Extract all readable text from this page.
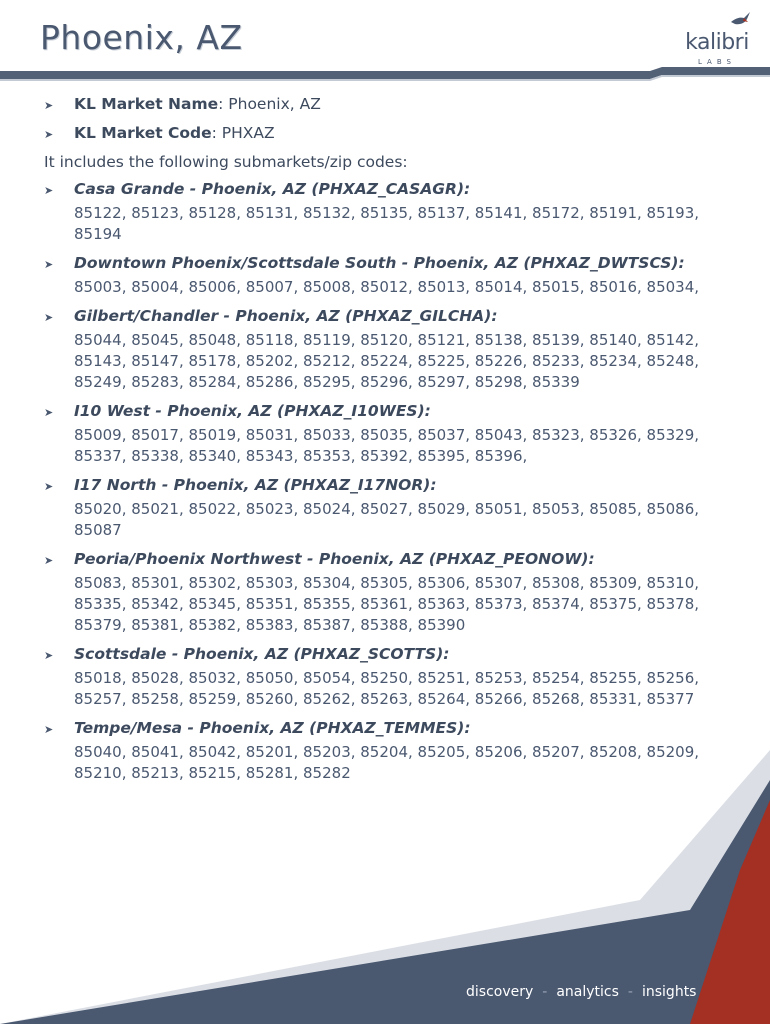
Phoenix, AZ	kalibri
LABS
➤	KL Market Name: Phoenix, AZ
➤	KL Market Code: PHXAZ

It includes the following submarkets/zip codes:

➤	Casa Grande - Phoenix, AZ (PHXAZ_CASAGR):
85122, 85123, 85128, 85131, 85132, 85135, 85137, 85141, 85172, 85191, 85193, 85194
➤	Downtown Phoenix/Scottsdale South - Phoenix, AZ (PHXAZ_DWTSCS):
85003, 85004, 85006, 85007, 85008, 85012, 85013, 85014, 85015, 85016, 85034,
➤	Gilbert/Chandler - Phoenix, AZ (PHXAZ_GILCHA):
85044, 85045, 85048, 85118, 85119, 85120, 85121, 85138, 85139, 85140, 85142, 85143, 85147, 85178, 85202, 85212, 85224, 85225, 85226, 85233, 85234, 85248, 85249, 85283, 85284, 85286, 85295, 85296, 85297, 85298, 85339
➤	I10 West - Phoenix, AZ (PHXAZ_I10WES):
85009, 85017, 85019, 85031, 85033, 85035, 85037, 85043, 85323, 85326, 85329, 85337, 85338, 85340, 85343, 85353, 85392, 85395, 85396,
➤	I17 North - Phoenix, AZ (PHXAZ_I17NOR):
85020, 85021, 85022, 85023, 85024, 85027, 85029, 85051, 85053, 85085, 85086, 85087
➤	Peoria/Phoenix Northwest - Phoenix, AZ (PHXAZ_PEONOW):
85083, 85301, 85302, 85303, 85304, 85305, 85306, 85307, 85308, 85309, 85310, 85335, 85342, 85345, 85351, 85355, 85361, 85363, 85373, 85374, 85375, 85378, 85379, 85381, 85382, 85383, 85387, 85388, 85390
➤	Scottsdale - Phoenix, AZ (PHXAZ_SCOTTS):
85018, 85028, 85032, 85050, 85054, 85250, 85251, 85253, 85254, 85255, 85256, 85257, 85258, 85259, 85260, 85262, 85263, 85264, 85266, 85268, 85331, 85377
➤	Tempe/Mesa - Phoenix, AZ (PHXAZ_TEMMES):
85040, 85041, 85042, 85201, 85203, 85204, 85205, 85206, 85207, 85208, 85209, 85210, 85213, 85215, 85281, 85282
discovery - analytics - insights
